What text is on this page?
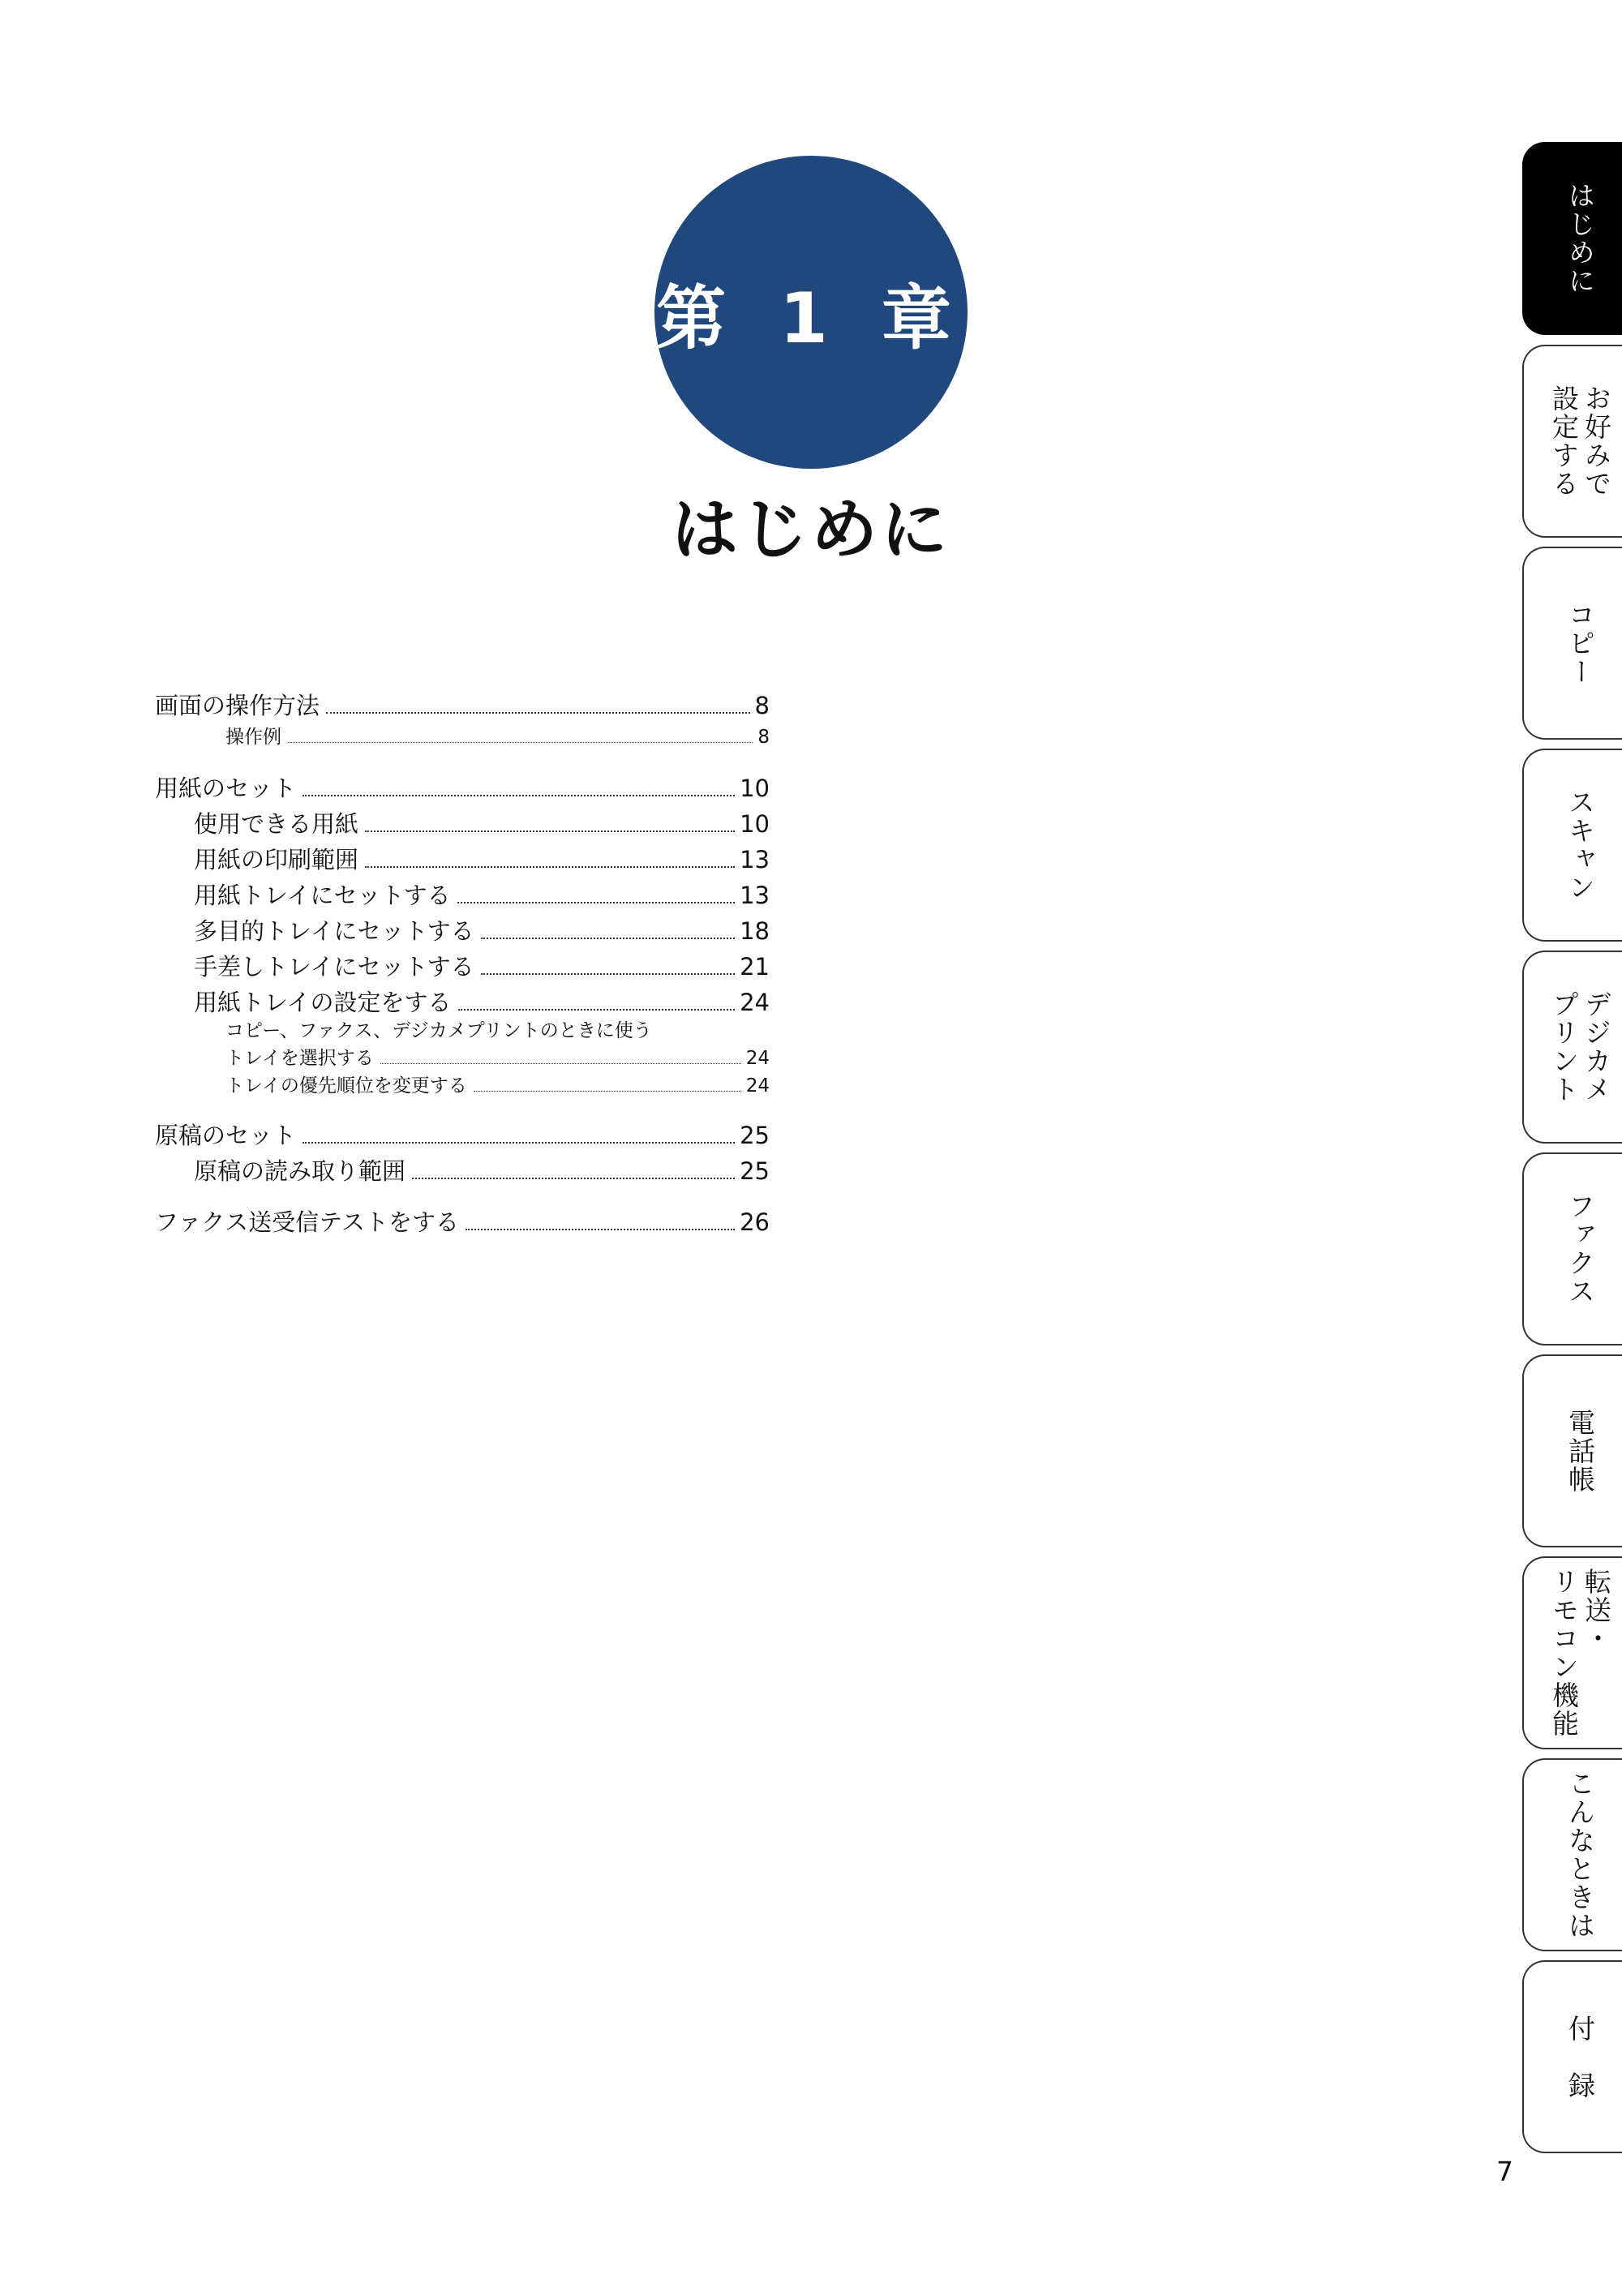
第 1 章
はじめに
画面の操作方法	8
操作例	8
用紙のセット	10
使用できる用紙	10
用紙の印刷範囲	13
用紙トレイにセットする	13
多目的トレイにセットする	18
手差しトレイにセットする	21
用紙トレイの設定をする	24
コピー、ファクス、デジカメプリントのときに使う
トレイを選択する	24
トレイの優先順位を変更する	24
原稿のセット	25
原稿の読み取り範囲	25
ファクス送受信テストをする	26
はじめに
お好みで
設定する
コピー
スキャン
デジカメ
プリント
ファクス
電話帳
転送・
リモコン機能
こんなときは
付　録
7
